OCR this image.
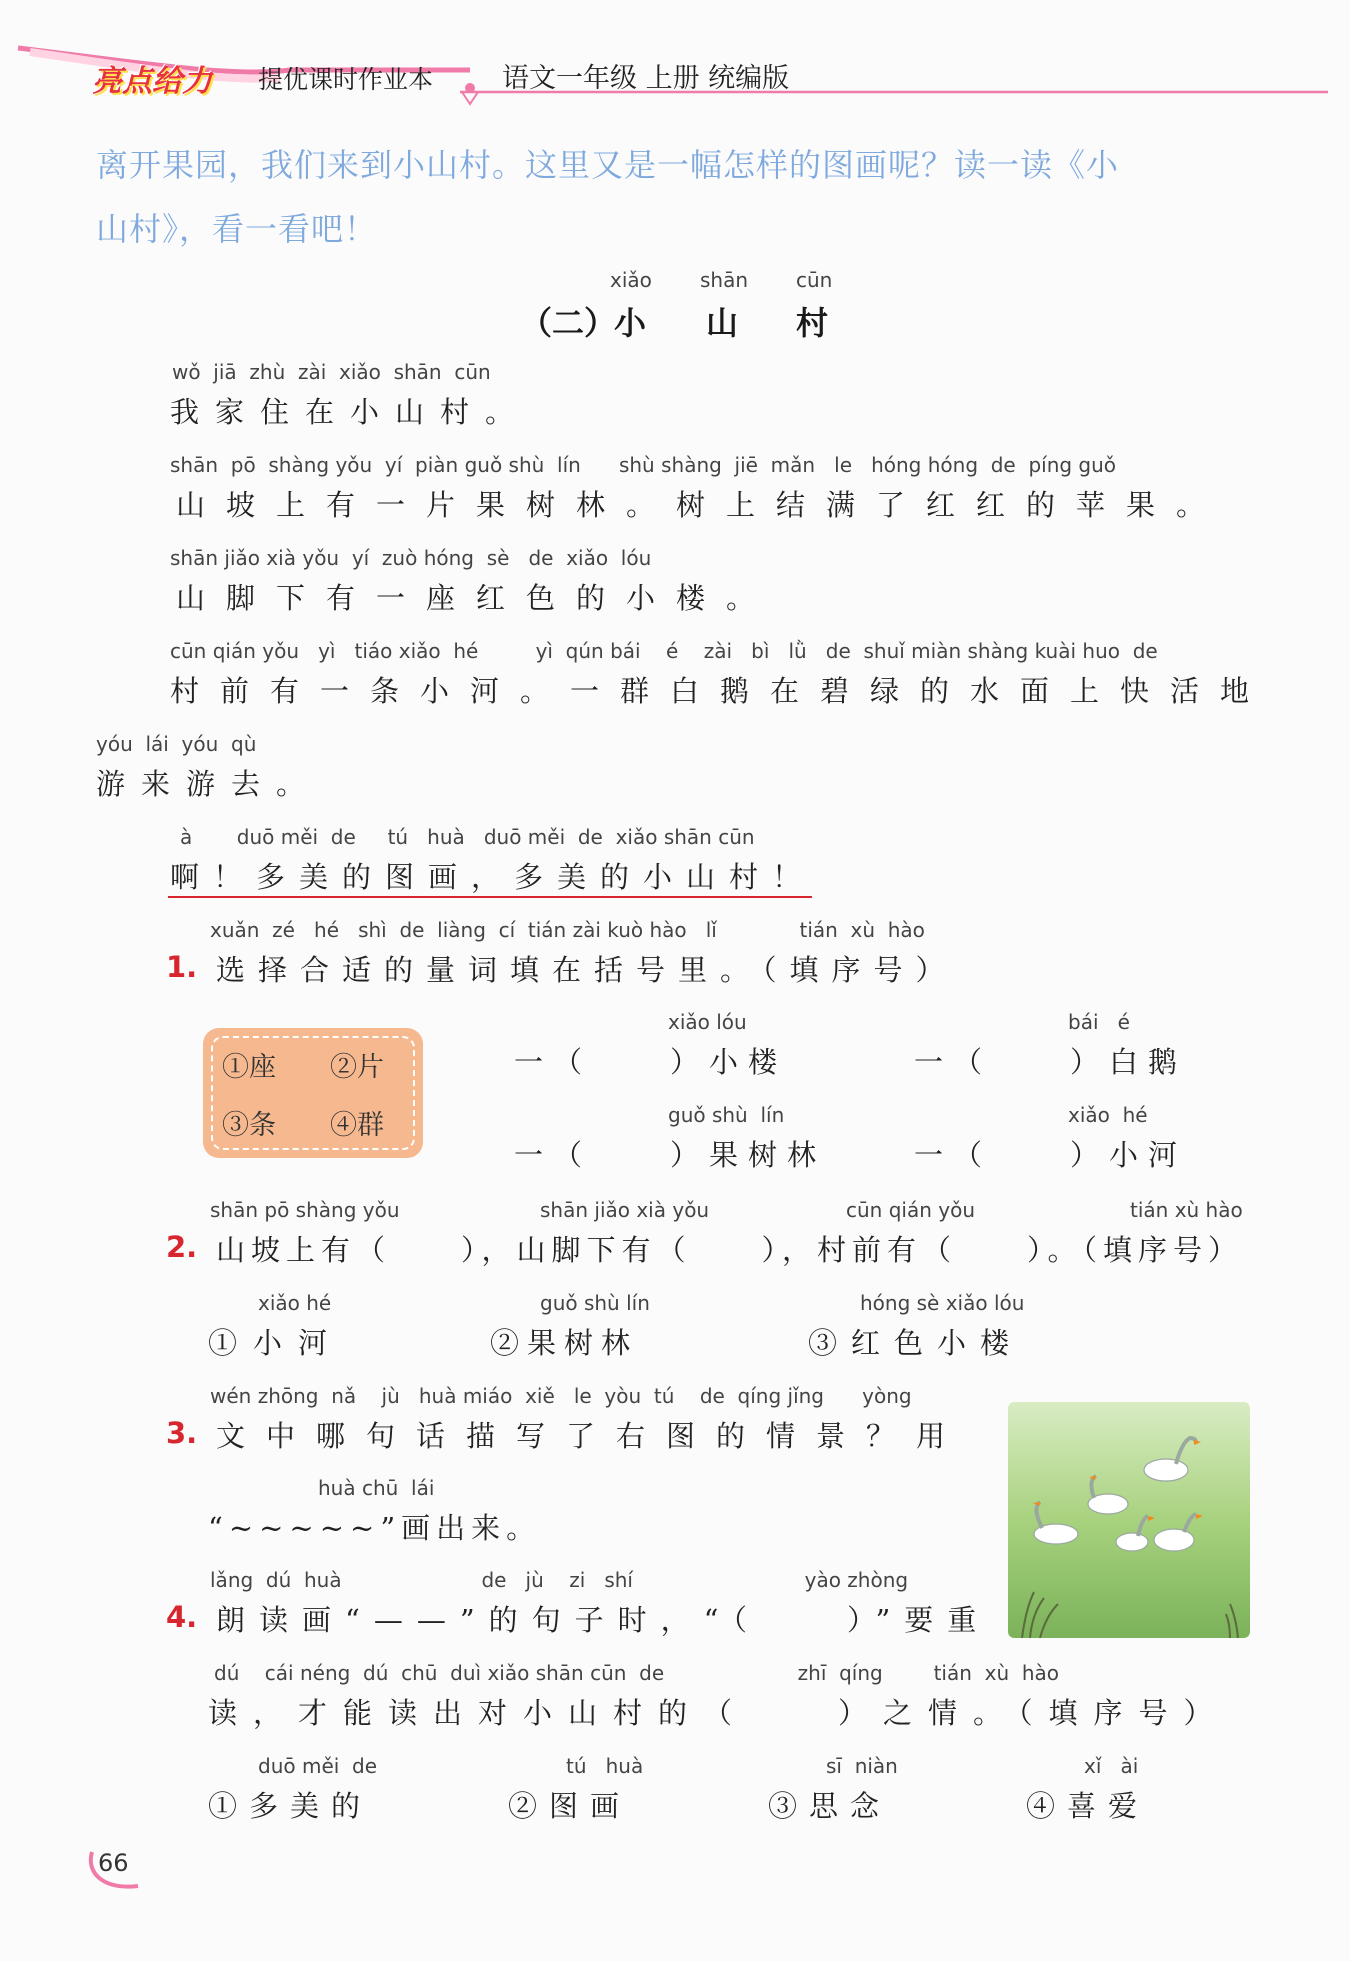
亮点给力 提优课时作业本	语文一年级 上册 统编版
离开果园，我们来到小山村。这里又是一幅怎样的图画呢？读一读《小
山村》，看一看吧！
xiǎo shān cūn
（二）
小 山 村
wǒ  jiā  zhù  zài  xiǎo  shān  cūn
我家住在小山村。
shān  pō  shàng yǒu  yí  piàn guǒ shù  lín      shù shàng  jiē  mǎn   le   hóng hóng  de  píng guǒ
山坡上有一片果树林。树上结满了红红的苹果。
shān jiǎo xià yǒu  yí  zuò hóng  sè   de  xiǎo  lóu
山脚下有一座红色的小楼。
cūn qián yǒu   yì   tiáo xiǎo  hé         yì  qún bái    é    zài   bì   lǜ   de  shuǐ miàn shàng kuài huo  de
村前有一条小河。一群白鹅在碧绿的水面上快活地
yóu  lái  yóu  qù
游来游去。
à       duō měi  de     tú   huà   duō měi  de  xiǎo shān cūn
啊！多美的图画，多美的小山村！
xuǎn  zé   hé   shì  de  liàng  cí  tián zài kuò hào   lǐ             tián  xù  hào
1. 选择合适的量词填在括号里。（填序号）
①座 ②片
③条 ④群
xiǎo lóu
一（　　）小楼
bái   é
一（　　）白鹅
guǒ shù  lín
一（　　）果树林
xiǎo  hé
一（　　）小河
shān pō shàng yǒu	shān jiǎo xià yǒu	cūn qián yǒu	tián xù hào
2. 山坡上有（　　），山脚下有（　　），村前有（　　）。（填序号）
xiǎo hé
①小河
guǒ shù lín
②果树林
hóng sè xiǎo lóu
③红色小楼
wén zhōng  nǎ    jù   huà miáo  xiě   le  yòu  tú    de  qíng jǐng      yòng
3. 文中哪句话描写了右图的情景？用
huà chū  lái
“~~~~~”画出来。
lǎng  dú  huà                      de   jù    zi   shí                           yào zhòng
4. 朗读画“——”的句子时，“（　　）”要重
dú    cái néng  dú  chū  duì xiǎo shān cūn  de                     zhī  qíng        tián  xù  hào
读，才能读出对小山村的（　　）之情。（填序号）
duō měi  de
①多美的
tú   huà
②图画
sī  niàn
③思念
xǐ   ài
④喜爱
66
